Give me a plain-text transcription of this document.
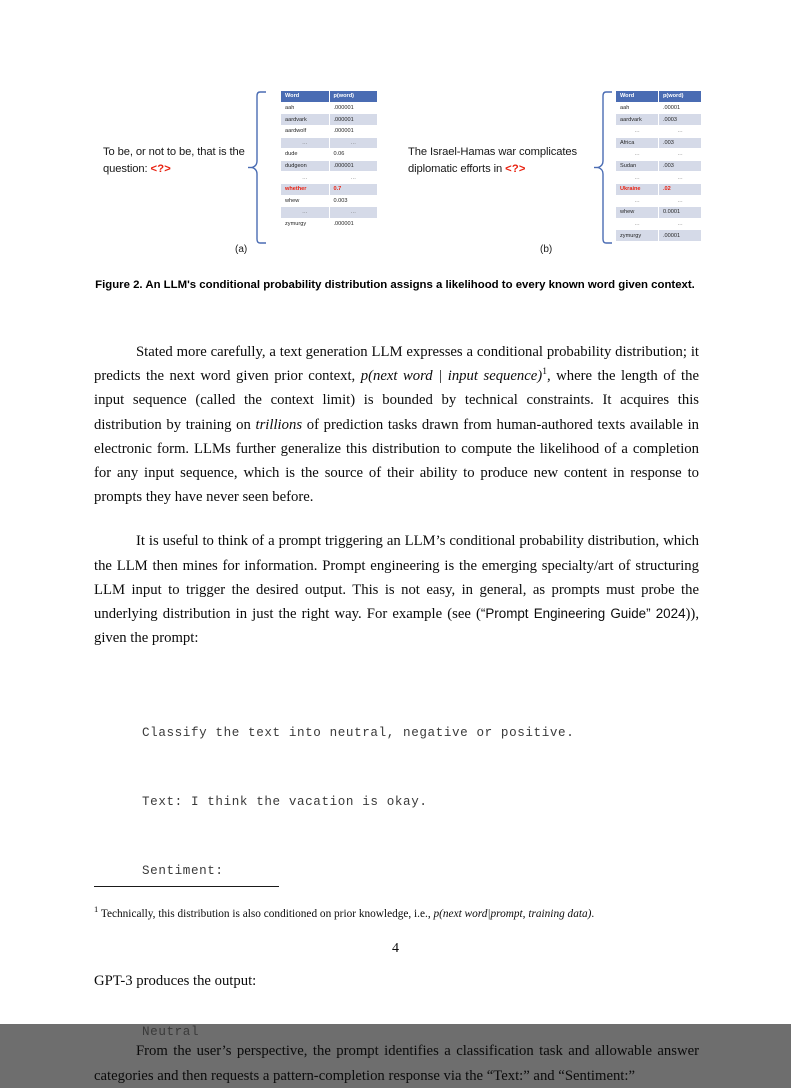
To be, or not to be, that is the question: <?>
Word	p(word)
aah	.000001
aardvark	.000001
aardwolf	.000001
…	…
dude	0.06
dudgeon	.000001
…	…
whether	0.7
whew	0.003
…	…
zymurgy	.000001
(a)
The Israel-Hamas war complicates diplomatic efforts in <?>
Word	p(word)
aah	.00001
aardvark	.0003
…	…
Africa	.003
…	…
Sudan	.003
…	…
Ukraine	.02
…	…
whew	0.0001
…	…
zymurgy	.00001
(b)
Figure 2. An LLM's conditional probability distribution assigns a likelihood to every known word given context.

Stated more carefully, a text generation LLM expresses a conditional probability distribution; it predicts the next word given prior context, p(next word | input sequence)$^1$, where the length of the input sequence (called the context limit) is bounded by technical constraints. It acquires this distribution by training on trillions of prediction tasks drawn from human-authored texts available in electronic form. LLMs further generalize this distribution to compute the likelihood of a completion for any input sequence, which is the source of their ability to produce new content in response to prompts they have never seen before.

It is useful to think of a prompt triggering an LLM’s conditional probability distribution, which the LLM then mines for information. Prompt engineering is the emerging specialty/art of structuring LLM input to trigger the desired output. This is not easy, in general, as prompts must probe the underlying distribution in just the right way. For example (see (“Prompt Engineering Guide” 2024)), given the prompt:

Classify the text into neutral, negative or positive.

Text: I think the vacation is okay.

Sentiment:

GPT-3 produces the output:
Neutral

From the user’s perspective, the prompt identifies a classification task and allowable answer categories and then requests a pattern-completion response via the “Text:” and “Sentiment:”

$^1$ Technically, this distribution is also conditioned on prior knowledge, i.e., p(next word|prompt, training data).
4
